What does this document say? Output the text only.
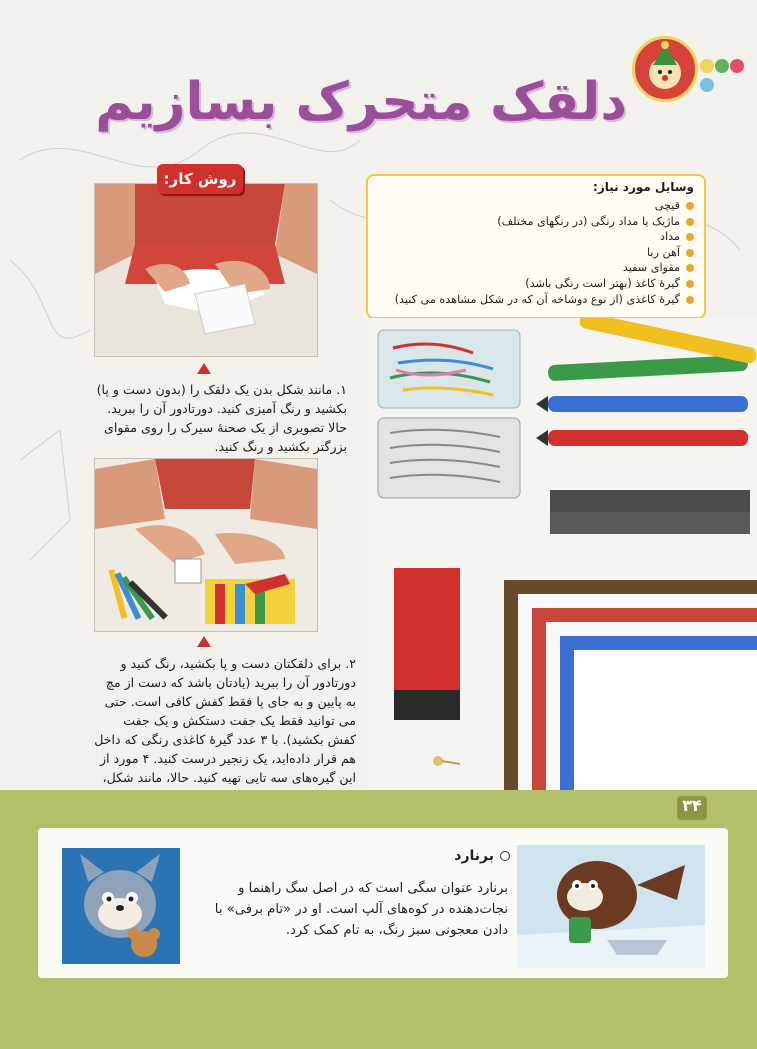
دلقک متحرک بسازیم
روش کار:
۱. مانند شکل بدن یک دلقک را (بدون دست و پا) بکشید و رنگ آمیزی کنید. دورتادور آن را ببرید. حالا تصویری از یک صحنهٔ سیرک را روی مقوای بزرگتر بکشید و رنگ کنید.
۲. برای دلقکتان دست و پا بکشید، رنگ کنید و دورتادور آن را ببرید (یادتان باشد که دست از مچ به پایین و به جای پا فقط کفش کافی است. حتی می توانید فقط یک جفت دستکش و یک جفت کفش بکشید). با ۳ عدد گیرهٔ کاغذی رنگی که داخل هم قرار داده‌اید، یک زنجیر درست کنید. ۴ مورد از این گیره‌های سه تایی تهیه کنید. حالا، مانند شکل،
وسایل مورد نیاز:
قیچی
ماژیک یا مداد رنگی (در رنگهای مختلف)
مداد
آهن ربا
مقوای سفید
گیرهٔ کاغذ (بهتر است رنگی باشد)
گیرهٔ کاغذی (از نوع دوشاخه آن که در شکل مشاهده می کنید)
۳۴
برنارد
برنارد عنوان سگی است که در اصل سگ راهنما و نجات‌دهنده در کوه‌های آلپ است. او در «تام برفی» با دادن معجونی سبز رنگ، به تام کمک کرد.
